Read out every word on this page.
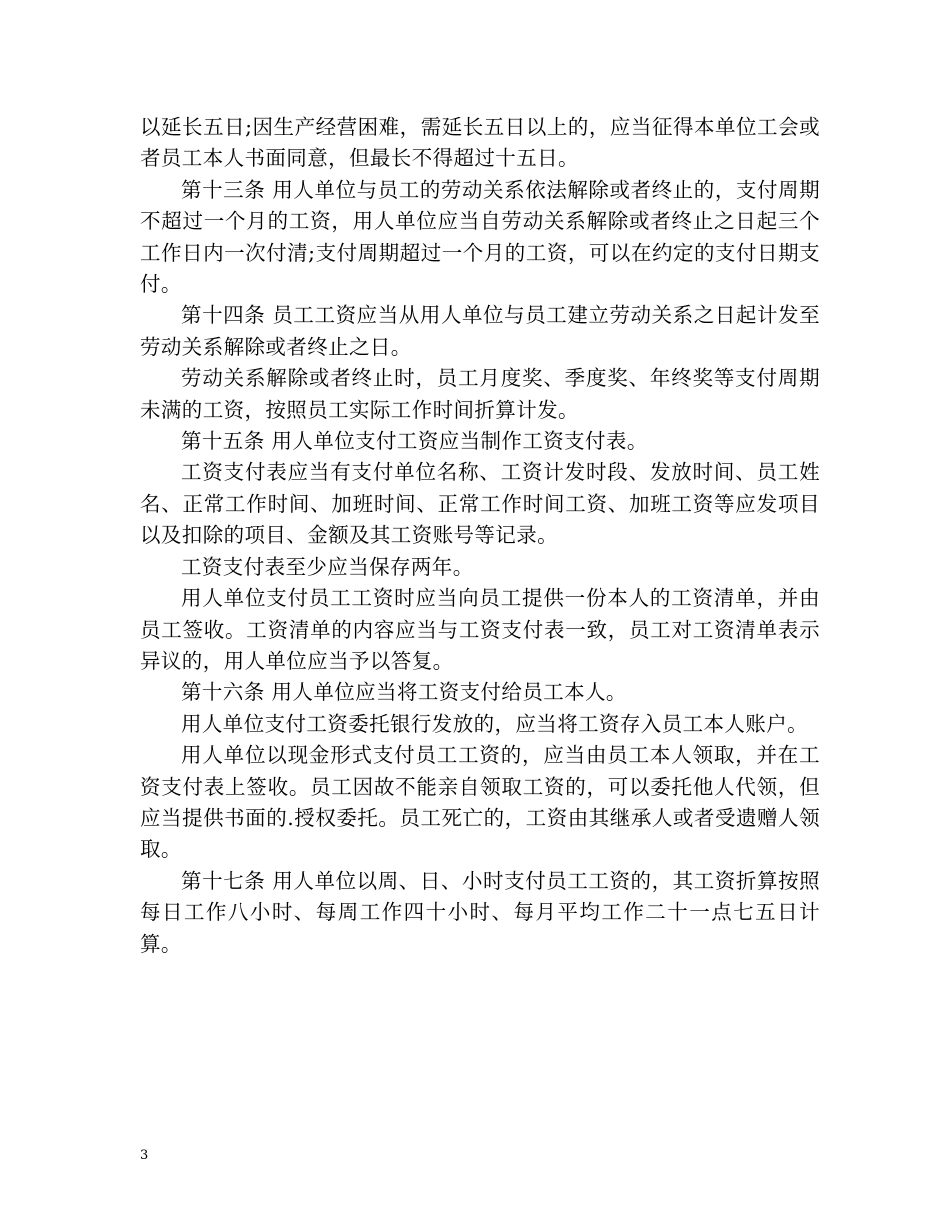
以延长五日;因生产经营困难，需延长五日以上的，应当征得本单位工会或者员工本人书面同意，但最长不得超过十五日。

第十三条 用人单位与员工的劳动关系依法解除或者终止的，支付周期不超过一个月的工资，用人单位应当自劳动关系解除或者终止之日起三个工作日内一次付清;支付周期超过一个月的工资，可以在约定的支付日期支付。

第十四条 员工工资应当从用人单位与员工建立劳动关系之日起计发至劳动关系解除或者终止之日。

劳动关系解除或者终止时，员工月度奖、季度奖、年终奖等支付周期未满的工资，按照员工实际工作时间折算计发。

第十五条 用人单位支付工资应当制作工资支付表。

工资支付表应当有支付单位名称、工资计发时段、发放时间、员工姓名、正常工作时间、加班时间、正常工作时间工资、加班工资等应发项目以及扣除的项目、金额及其工资账号等记录。

工资支付表至少应当保存两年。

用人单位支付员工工资时应当向员工提供一份本人的工资清单，并由员工签收。工资清单的内容应当与工资支付表一致，员工对工资清单表示异议的，用人单位应当予以答复。

第十六条 用人单位应当将工资支付给员工本人。

用人单位支付工资委托银行发放的，应当将工资存入员工本人账户。

用人单位以现金形式支付员工工资的，应当由员工本人领取，并在工资支付表上签收。员工因故不能亲自领取工资的，可以委托他人代领，但应当提供书面的.授权委托。员工死亡的，工资由其继承人或者受遗赠人领取。

第十七条 用人单位以周、日、小时支付员工工资的，其工资折算按照每日工作八小时、每周工作四十小时、每月平均工作二十一点七五日计算。

3
